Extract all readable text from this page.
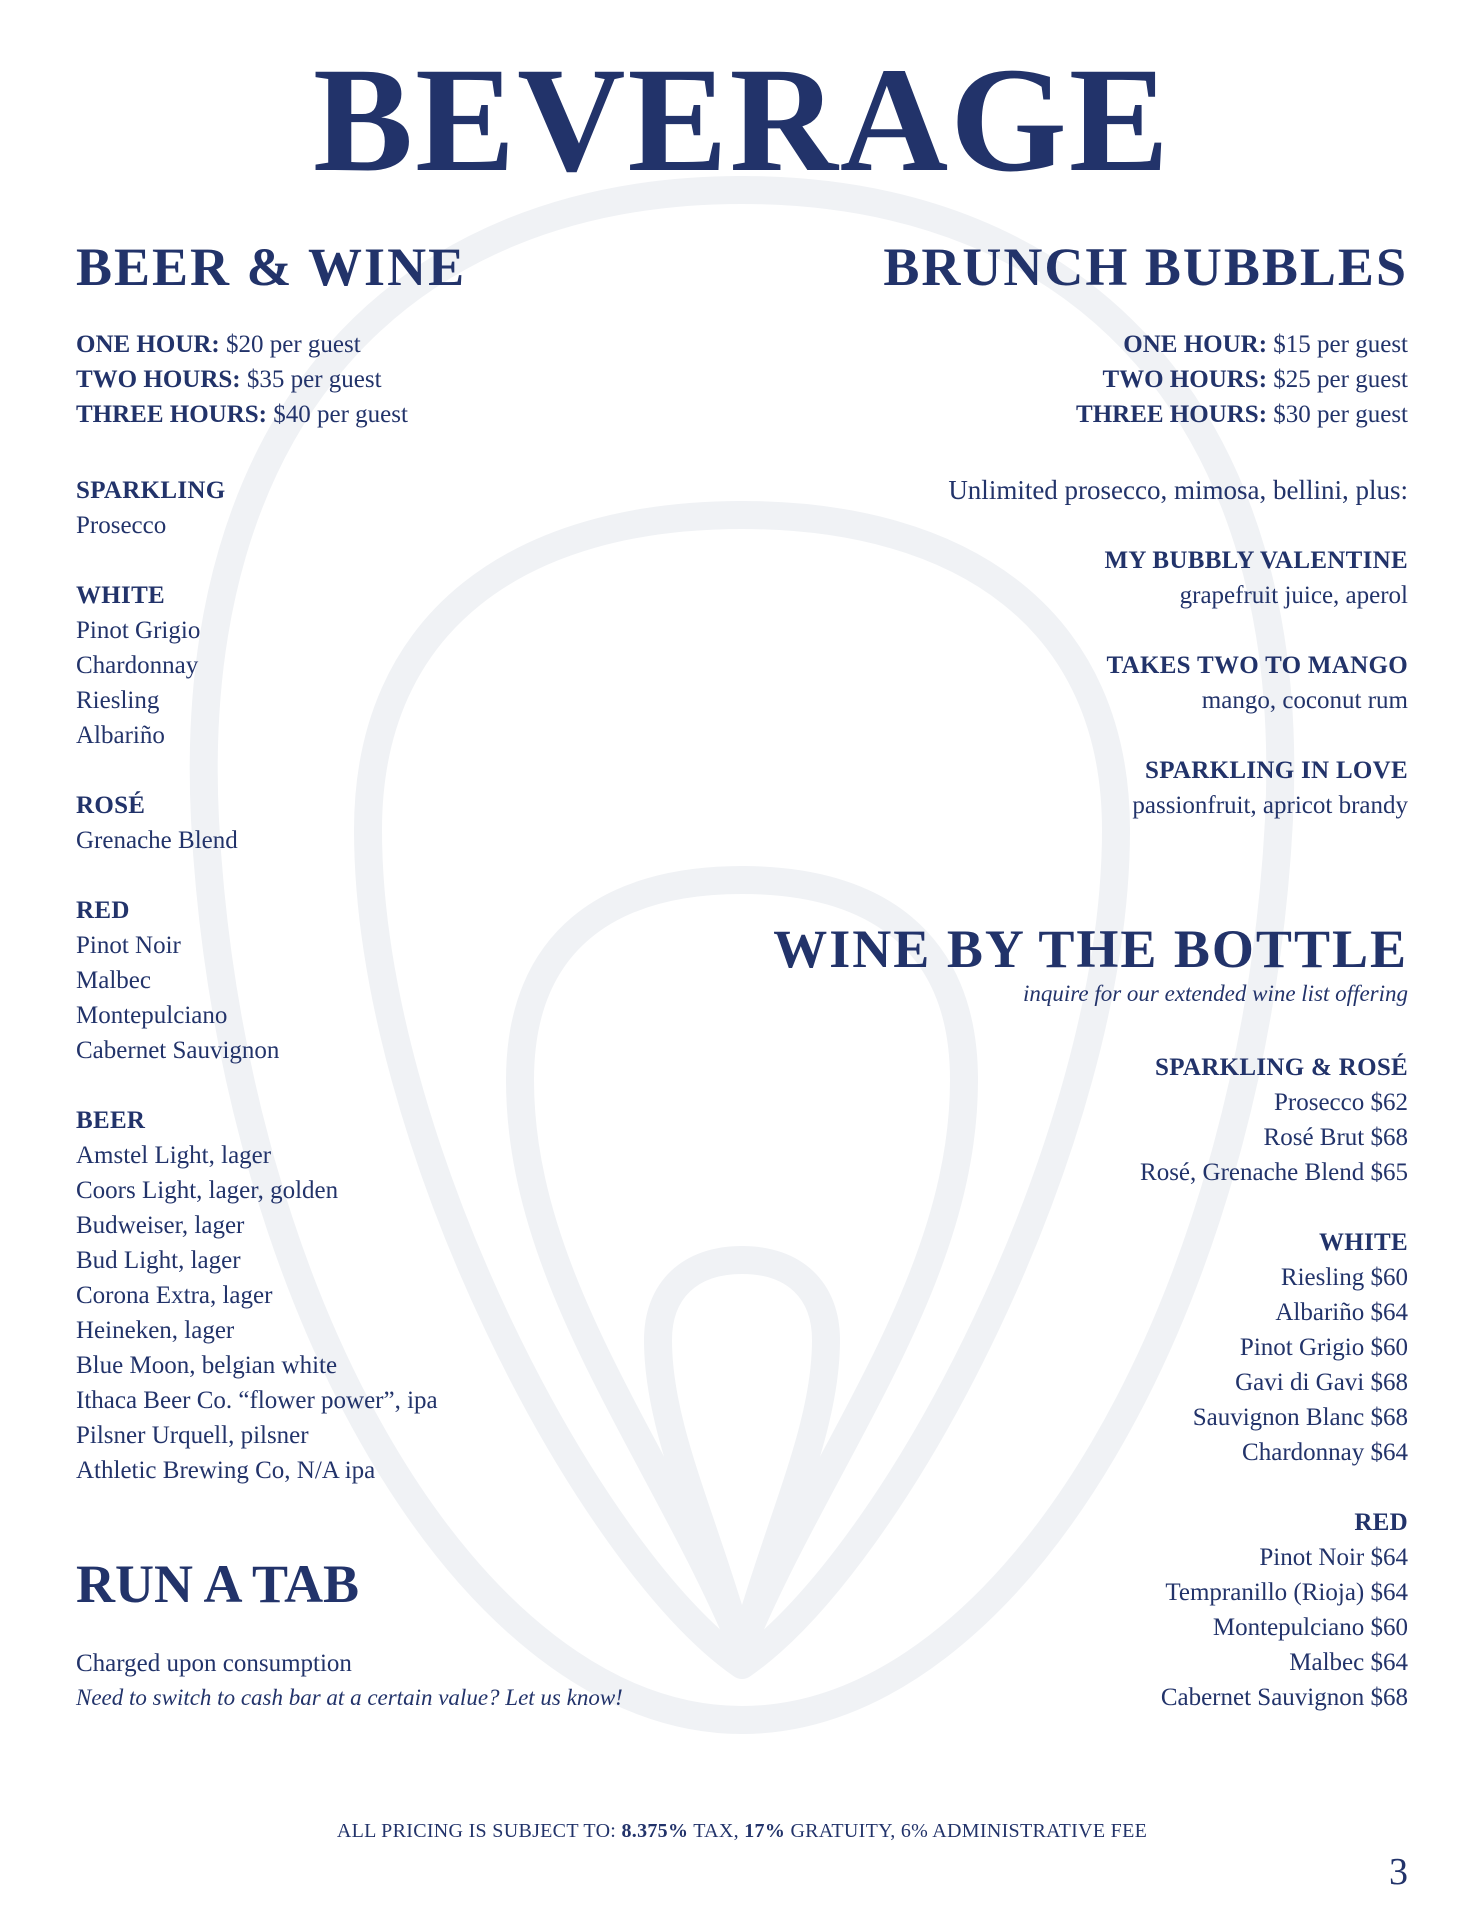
BEVERAGE
BEER & WINE
ONE HOUR: $20 per guest
TWO HOURS: $35 per guest
THREE HOURS: $40 per guest
SPARKLING
Prosecco
WHITE
Pinot Grigio
Chardonnay
Riesling
Albariño
ROSÉ
Grenache Blend
RED
Pinot Noir
Malbec
Montepulciano
Cabernet Sauvignon
BEER
Amstel Light, lager
Coors Light, lager, golden
Budweiser, lager
Bud Light, lager
Corona Extra, lager
Heineken, lager
Blue Moon, belgian white
Ithaca Beer Co. “flower power”, ipa
Pilsner Urquell, pilsner
Athletic Brewing Co, N/A ipa
RUN A TAB
Charged upon consumption
Need to switch to cash bar at a certain value? Let us know!
BRUNCH BUBBLES
ONE HOUR: $15 per guest
TWO HOURS: $25 per guest
THREE HOURS: $30 per guest
Unlimited prosecco, mimosa, bellini, plus:
MY BUBBLY VALENTINE
grapefruit juice, aperol
TAKES TWO TO MANGO
mango, coconut rum
SPARKLING IN LOVE
passionfruit, apricot brandy
WINE BY THE BOTTLE
inquire for our extended wine list offering
SPARKLING & ROSÉ
Prosecco $62
Rosé Brut $68
Rosé, Grenache Blend $65
WHITE
Riesling $60
Albariño $64
Pinot Grigio $60
Gavi di Gavi $68
Sauvignon Blanc $68
Chardonnay $64
RED
Pinot Noir $64
Tempranillo (Rioja) $64
Montepulciano $60
Malbec $64
Cabernet Sauvignon $68
ALL PRICING IS SUBJECT TO: 8.375% TAX, 17% GRATUITY, 6% ADMINISTRATIVE FEE
3
